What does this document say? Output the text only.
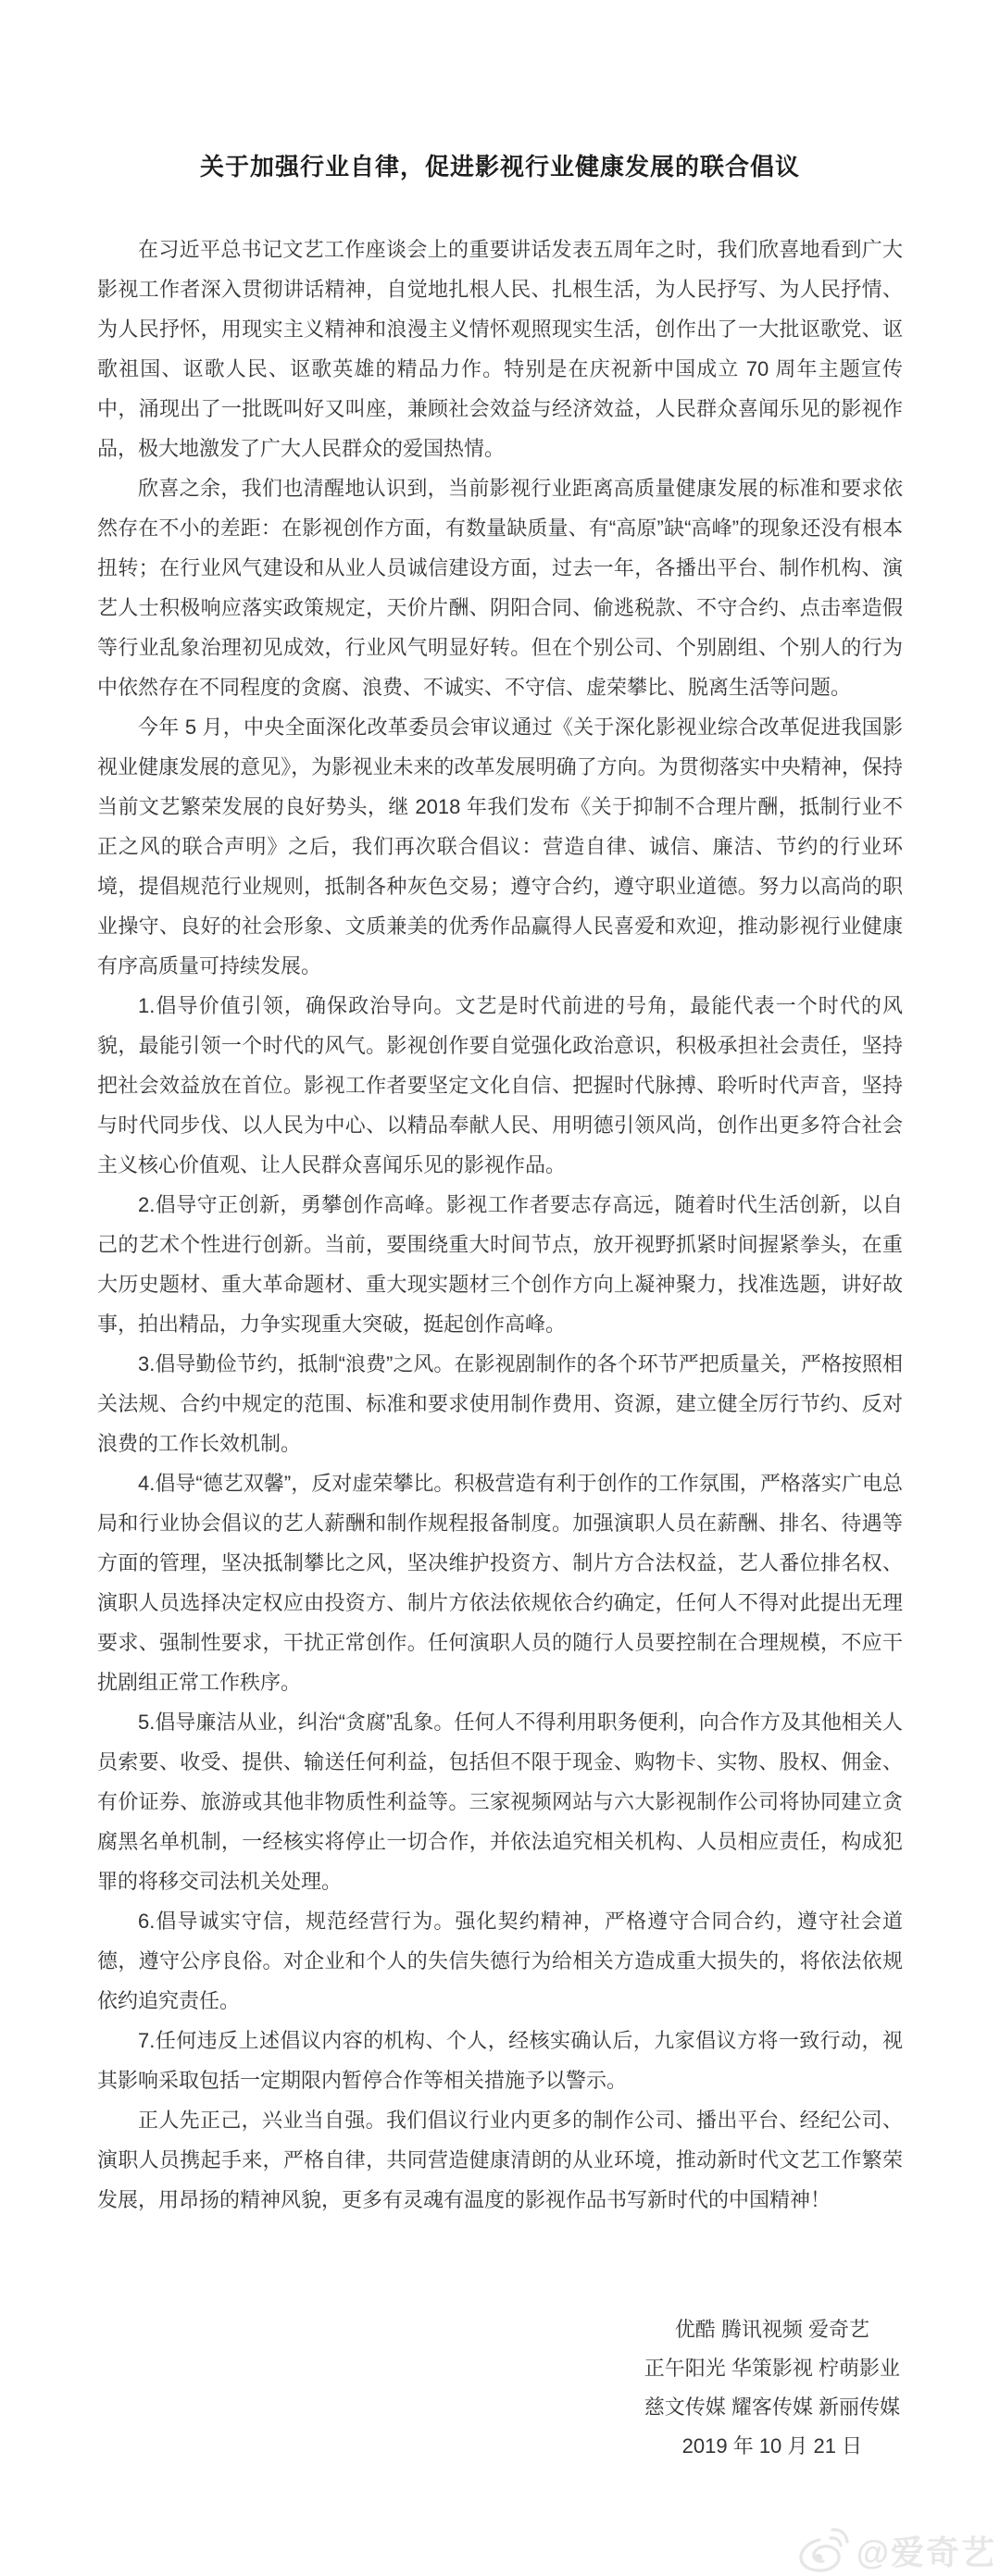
关于加强行业自律，促进影视行业健康发展的联合倡议

在习近平总书记文艺工作座谈会上的重要讲话发表五周年之时，我们欣喜地看到广大影视工作者深入贯彻讲话精神，自觉地扎根人民、扎根生活，为人民抒写、为人民抒情、为人民抒怀，用现实主义精神和浪漫主义情怀观照现实生活，创作出了一大批讴歌党、讴歌祖国、讴歌人民、讴歌英雄的精品力作。特别是在庆祝新中国成立 70 周年主题宣传中，涌现出了一批既叫好又叫座，兼顾社会效益与经济效益，人民群众喜闻乐见的影视作品，极大地激发了广大人民群众的爱国热情。

欣喜之余，我们也清醒地认识到，当前影视行业距离高质量健康发展的标准和要求依然存在不小的差距：在影视创作方面，有数量缺质量、有“高原”缺“高峰”的现象还没有根本扭转；在行业风气建设和从业人员诚信建设方面，过去一年，各播出平台、制作机构、演艺人士积极响应落实政策规定，天价片酬、阴阳合同、偷逃税款、不守合约、点击率造假等行业乱象治理初见成效，行业风气明显好转。但在个别公司、个别剧组、个别人的行为中依然存在不同程度的贪腐、浪费、不诚实、不守信、虚荣攀比、脱离生活等问题。

今年 5 月，中央全面深化改革委员会审议通过《关于深化影视业综合改革促进我国影视业健康发展的意见》，为影视业未来的改革发展明确了方向。为贯彻落实中央精神，保持当前文艺繁荣发展的良好势头，继 2018 年我们发布《关于抑制不合理片酬，抵制行业不正之风的联合声明》之后，我们再次联合倡议：营造自律、诚信、廉洁、节约的行业环境，提倡规范行业规则，抵制各种灰色交易；遵守合约，遵守职业道德。努力以高尚的职业操守、良好的社会形象、文质兼美的优秀作品赢得人民喜爱和欢迎，推动影视行业健康有序高质量可持续发展。

1.倡导价值引领，确保政治导向。文艺是时代前进的号角，最能代表一个时代的风貌，最能引领一个时代的风气。影视创作要自觉强化政治意识，积极承担社会责任，坚持把社会效益放在首位。影视工作者要坚定文化自信、把握时代脉搏、聆听时代声音，坚持与时代同步伐、以人民为中心、以精品奉献人民、用明德引领风尚，创作出更多符合社会主义核心价值观、让人民群众喜闻乐见的影视作品。

2.倡导守正创新，勇攀创作高峰。影视工作者要志存高远，随着时代生活创新，以自己的艺术个性进行创新。当前，要围绕重大时间节点，放开视野抓紧时间握紧拳头，在重大历史题材、重大革命题材、重大现实题材三个创作方向上凝神聚力，找准选题，讲好故事，拍出精品，力争实现重大突破，挺起创作高峰。

3.倡导勤俭节约，抵制“浪费”之风。在影视剧制作的各个环节严把质量关，严格按照相关法规、合约中规定的范围、标准和要求使用制作费用、资源，建立健全厉行节约、反对浪费的工作长效机制。

4.倡导“德艺双馨”，反对虚荣攀比。积极营造有利于创作的工作氛围，严格落实广电总局和行业协会倡议的艺人薪酬和制作规程报备制度。加强演职人员在薪酬、排名、待遇等方面的管理，坚决抵制攀比之风，坚决维护投资方、制片方合法权益，艺人番位排名权、演职人员选择决定权应由投资方、制片方依法依规依合约确定，任何人不得对此提出无理要求、强制性要求，干扰正常创作。任何演职人员的随行人员要控制在合理规模，不应干扰剧组正常工作秩序。

5.倡导廉洁从业，纠治“贪腐”乱象。任何人不得利用职务便利，向合作方及其他相关人员索要、收受、提供、输送任何利益，包括但不限于现金、购物卡、实物、股权、佣金、有价证券、旅游或其他非物质性利益等。三家视频网站与六大影视制作公司将协同建立贪腐黑名单机制，一经核实将停止一切合作，并依法追究相关机构、人员相应责任，构成犯罪的将移交司法机关处理。

6.倡导诚实守信，规范经营行为。强化契约精神，严格遵守合同合约，遵守社会道德，遵守公序良俗。对企业和个人的失信失德行为给相关方造成重大损失的，将依法依规依约追究责任。

7.任何违反上述倡议内容的机构、个人，经核实确认后，九家倡议方将一致行动，视其影响采取包括一定期限内暂停合作等相关措施予以警示。

正人先正己，兴业当自强。我们倡议行业内更多的制作公司、播出平台、经纪公司、演职人员携起手来，严格自律，共同营造健康清朗的从业环境，推动新时代文艺工作繁荣发展，用昂扬的精神风貌，更多有灵魂有温度的影视作品书写新时代的中国精神！

优酷 腾讯视频 爱奇艺
正午阳光 华策影视 柠萌影业
慈文传媒 耀客传媒 新丽传媒
2019 年 10 月 21 日
@爱奇艺
